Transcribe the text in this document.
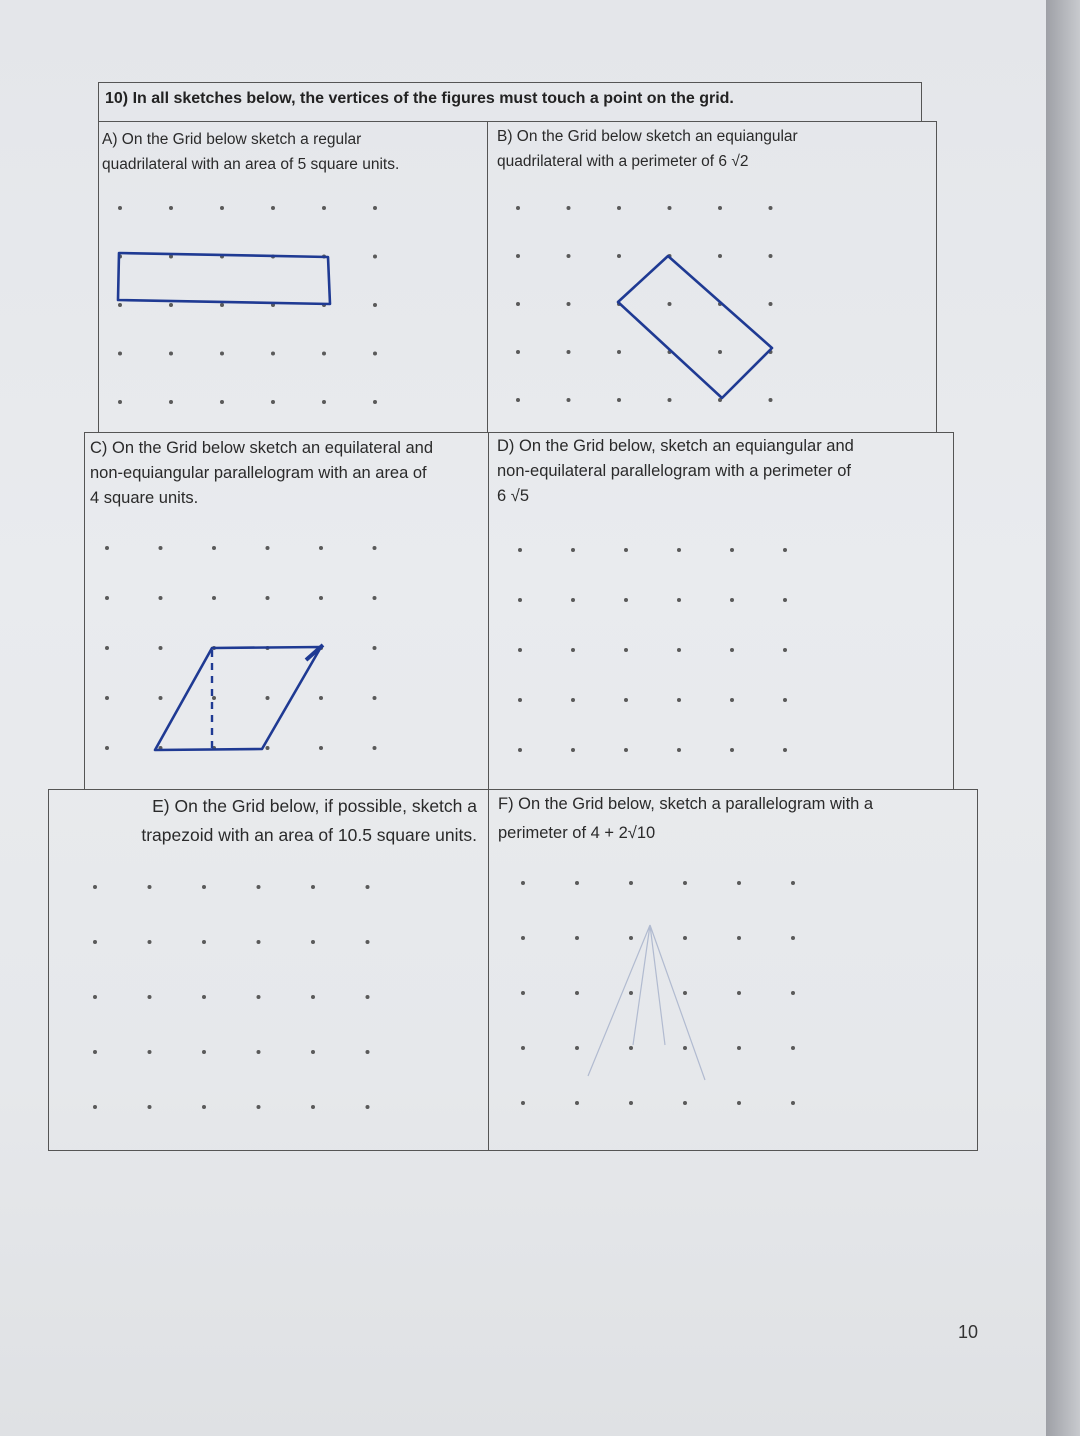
10) In all sketches below, the vertices of the figures must touch a point on the grid.
A) On the Grid below sketch a regular
quadrilateral with an area of 5 square units.
B) On the Grid below sketch an equiangular
quadrilateral with a perimeter of 6 √2
C) On the Grid below sketch an equilateral and
non-equiangular parallelogram with an area of
4 square units.
D) On the Grid below, sketch an equiangular and
non-equilateral parallelogram with a perimeter of
6 √5
E) On the Grid below, if possible, sketch a
trapezoid with an area of 10.5 square units.
F) On the Grid below, sketch a parallelogram with a
perimeter of 4 + 2√10
10
